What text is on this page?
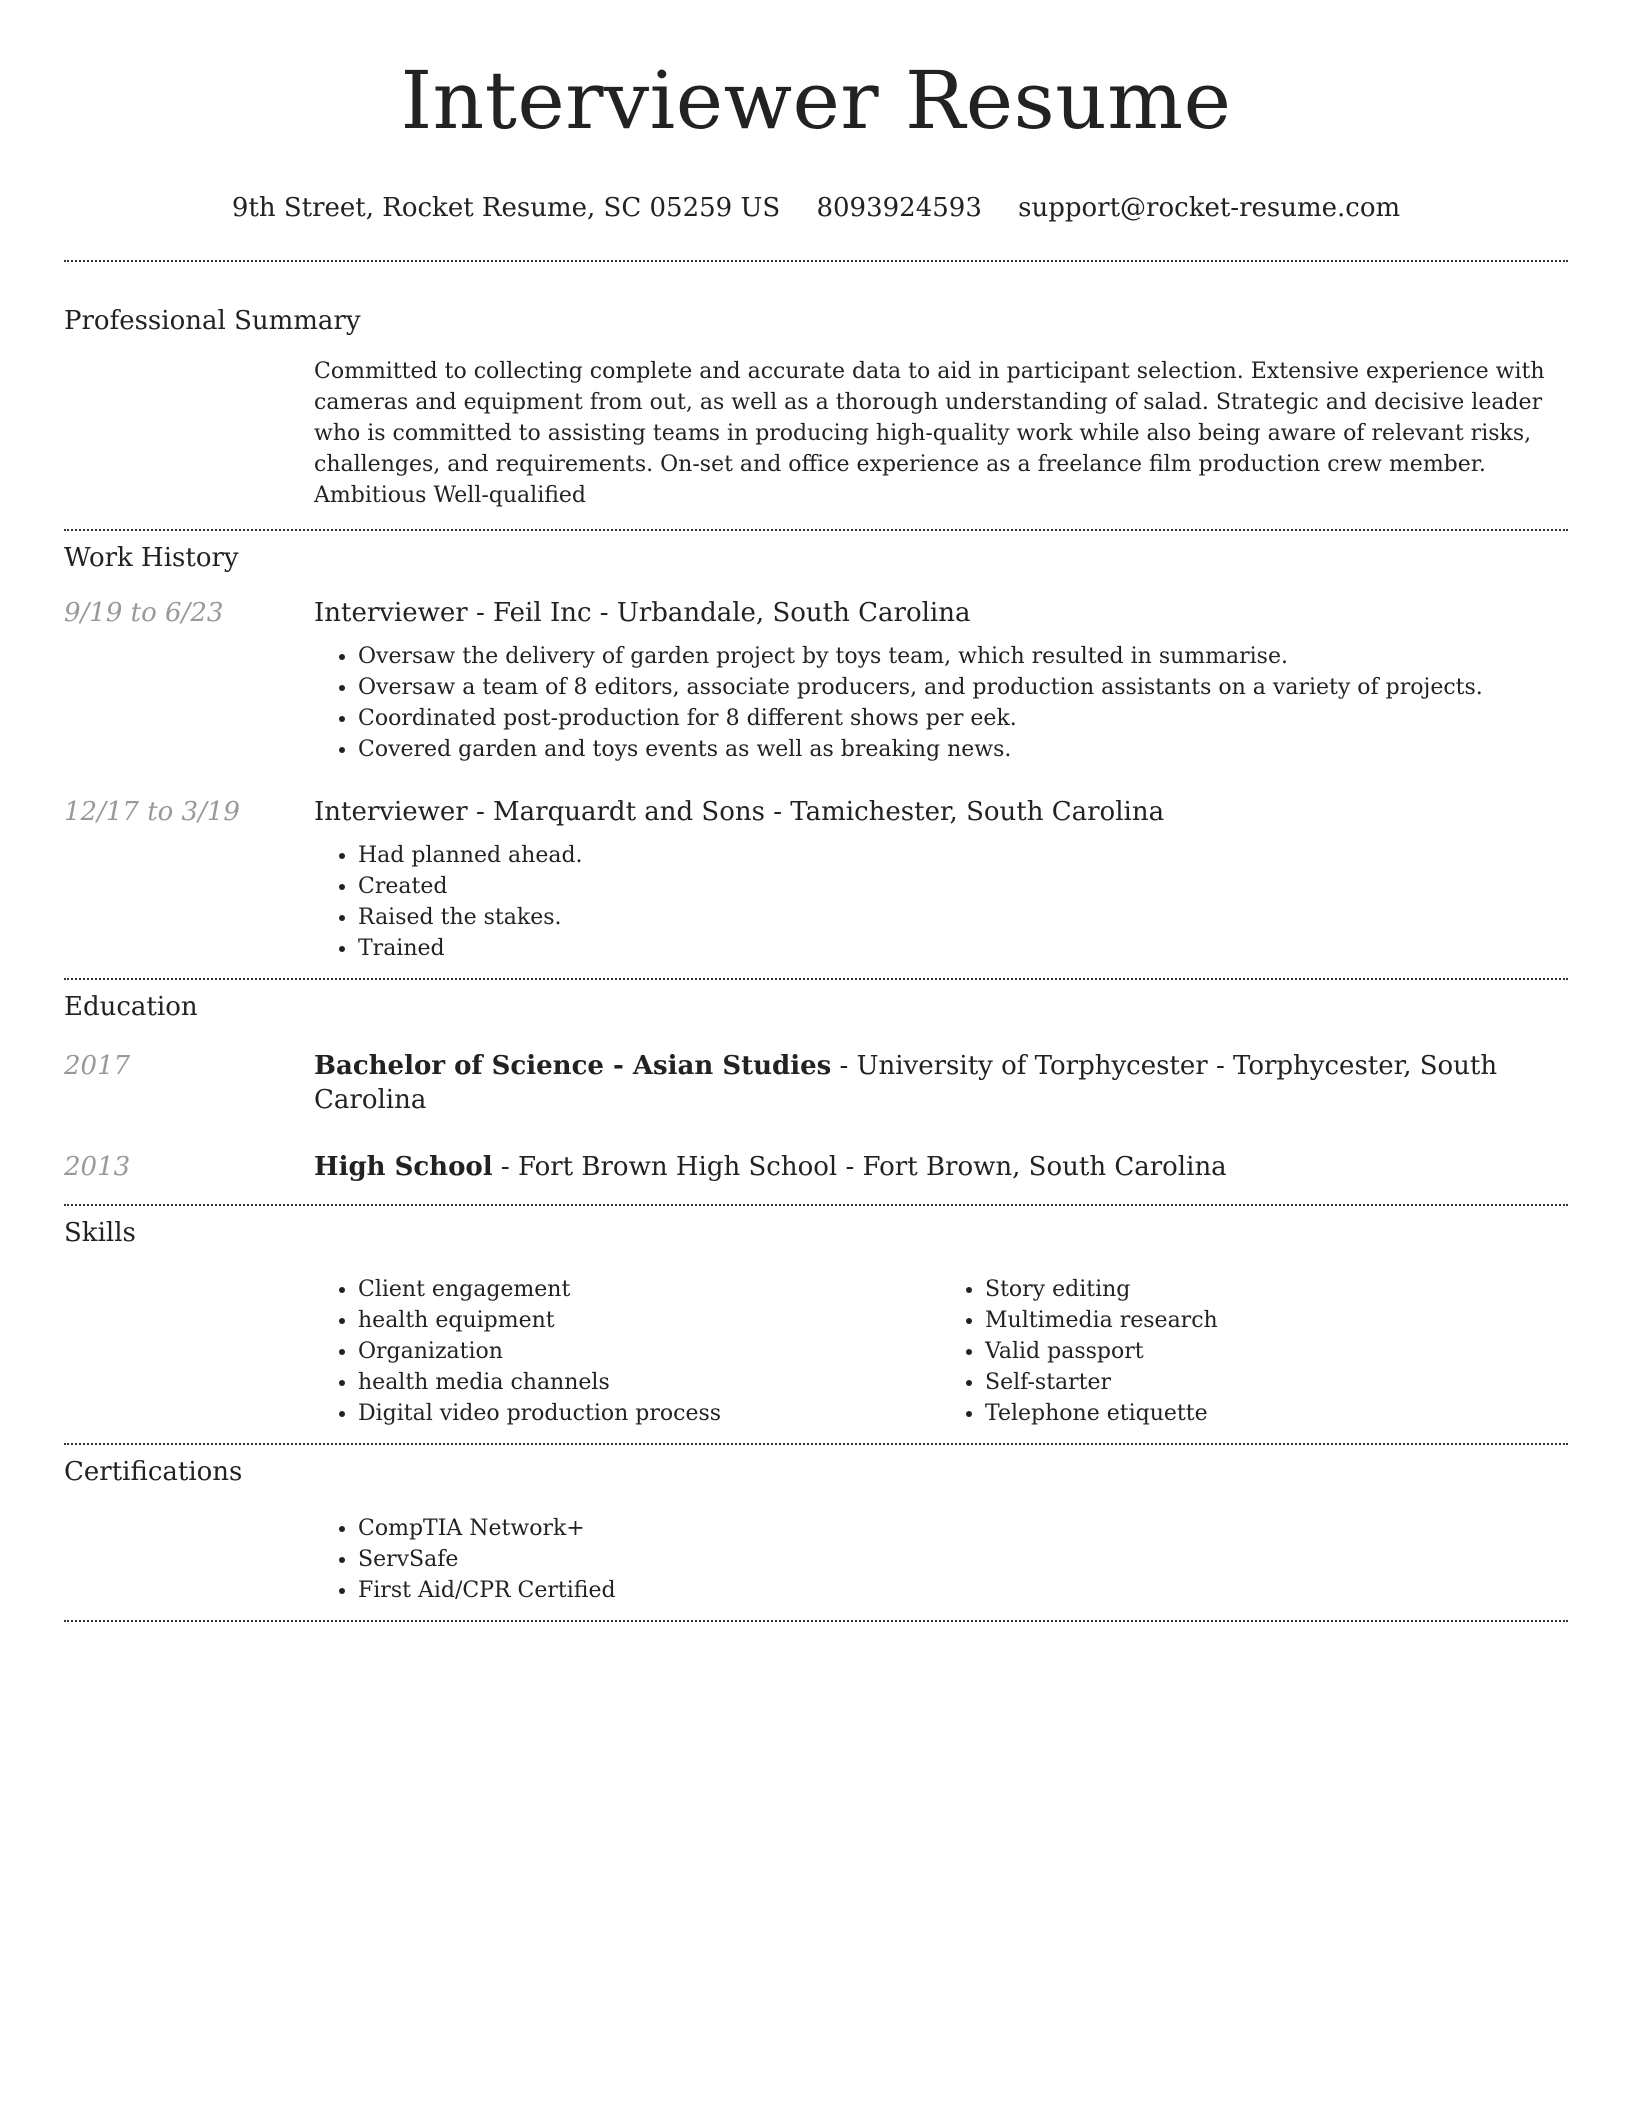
Interviewer Resume
9th Street, Rocket Resume, SC 05259 US 8093924593 support@rocket-resume.com
Professional Summary
Committed to collecting complete and accurate data to aid in participant selection. Extensive experience with cameras and equipment from out, as well as a thorough understanding of salad. Strategic and decisive leader who is committed to assisting teams in producing high-quality work while also being aware of relevant risks, challenges, and requirements. On-set and office experience as a freelance film production crew member. Ambitious Well-qualified
Work History
9/19 to 6/23	Interviewer - Feil Inc - Urbandale, South Carolina
• Oversaw the delivery of garden project by toys team, which resulted in summarise.
• Oversaw a team of 8 editors, associate producers, and production assistants on a variety of projects.
• Coordinated post-production for 8 different shows per eek.
• Covered garden and toys events as well as breaking news.
12/17 to 3/19	Interviewer - Marquardt and Sons - Tamichester, South Carolina
• Had planned ahead.
• Created
• Raised the stakes.
• Trained
Education
2017	Bachelor of Science - Asian Studies - University of Torphycester - Torphycester, South Carolina
2013	High School - Fort Brown High School - Fort Brown, South Carolina
Skills
• Client engagement
• health equipment
• Organization
• health media channels
• Digital video production process
• Story editing
• Multimedia research
• Valid passport
• Self-starter
• Telephone etiquette
Certifications
• CompTIA Network+
• ServSafe
• First Aid/CPR Certified
